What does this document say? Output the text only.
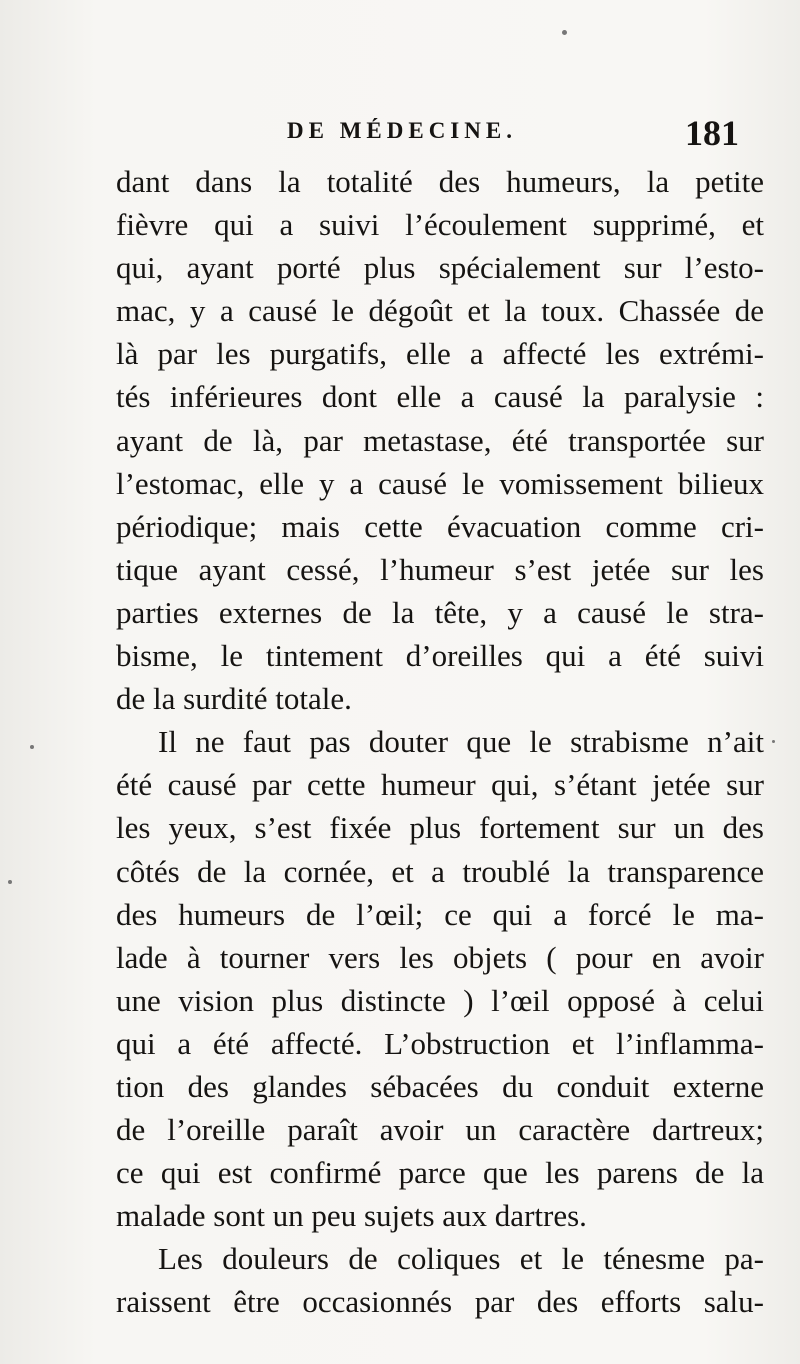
DE MÉDECINE.	181
dant dans la totalité des humeurs, la petite
fièvre qui a suivi l’écoulement supprimé, et
qui, ayant porté plus spécialement sur l’esto-
mac, y a causé le dégoût et la toux. Chassée de
là par les purgatifs, elle a affecté les extrémi-
tés inférieures dont elle a causé la paralysie :
ayant de là, par metastase, été transportée sur
l’estomac, elle y a causé le vomissement bilieux
périodique; mais cette évacuation comme cri-
tique ayant cessé, l’humeur s’est jetée sur les
parties externes de la tête, y a causé le stra-
bisme, le tintement d’oreilles qui a été suivi
de la surdité totale.
Il ne faut pas douter que le strabisme n’ait
été causé par cette humeur qui, s’étant jetée sur
les yeux, s’est fixée plus fortement sur un des
côtés de la cornée, et a troublé la transparence
des humeurs de l’œil; ce qui a forcé le ma-
lade à tourner vers les objets ( pour en avoir
une vision plus distincte ) l’œil opposé à celui
qui a été affecté. L’obstruction et l’inflamma-
tion des glandes sébacées du conduit externe
de l’oreille paraît avoir un caractère dartreux;
ce qui est confirmé parce que les parens de la
malade sont un peu sujets aux dartres.
Les douleurs de coliques et le ténesme pa-
raissent être occasionnés par des efforts salu-
